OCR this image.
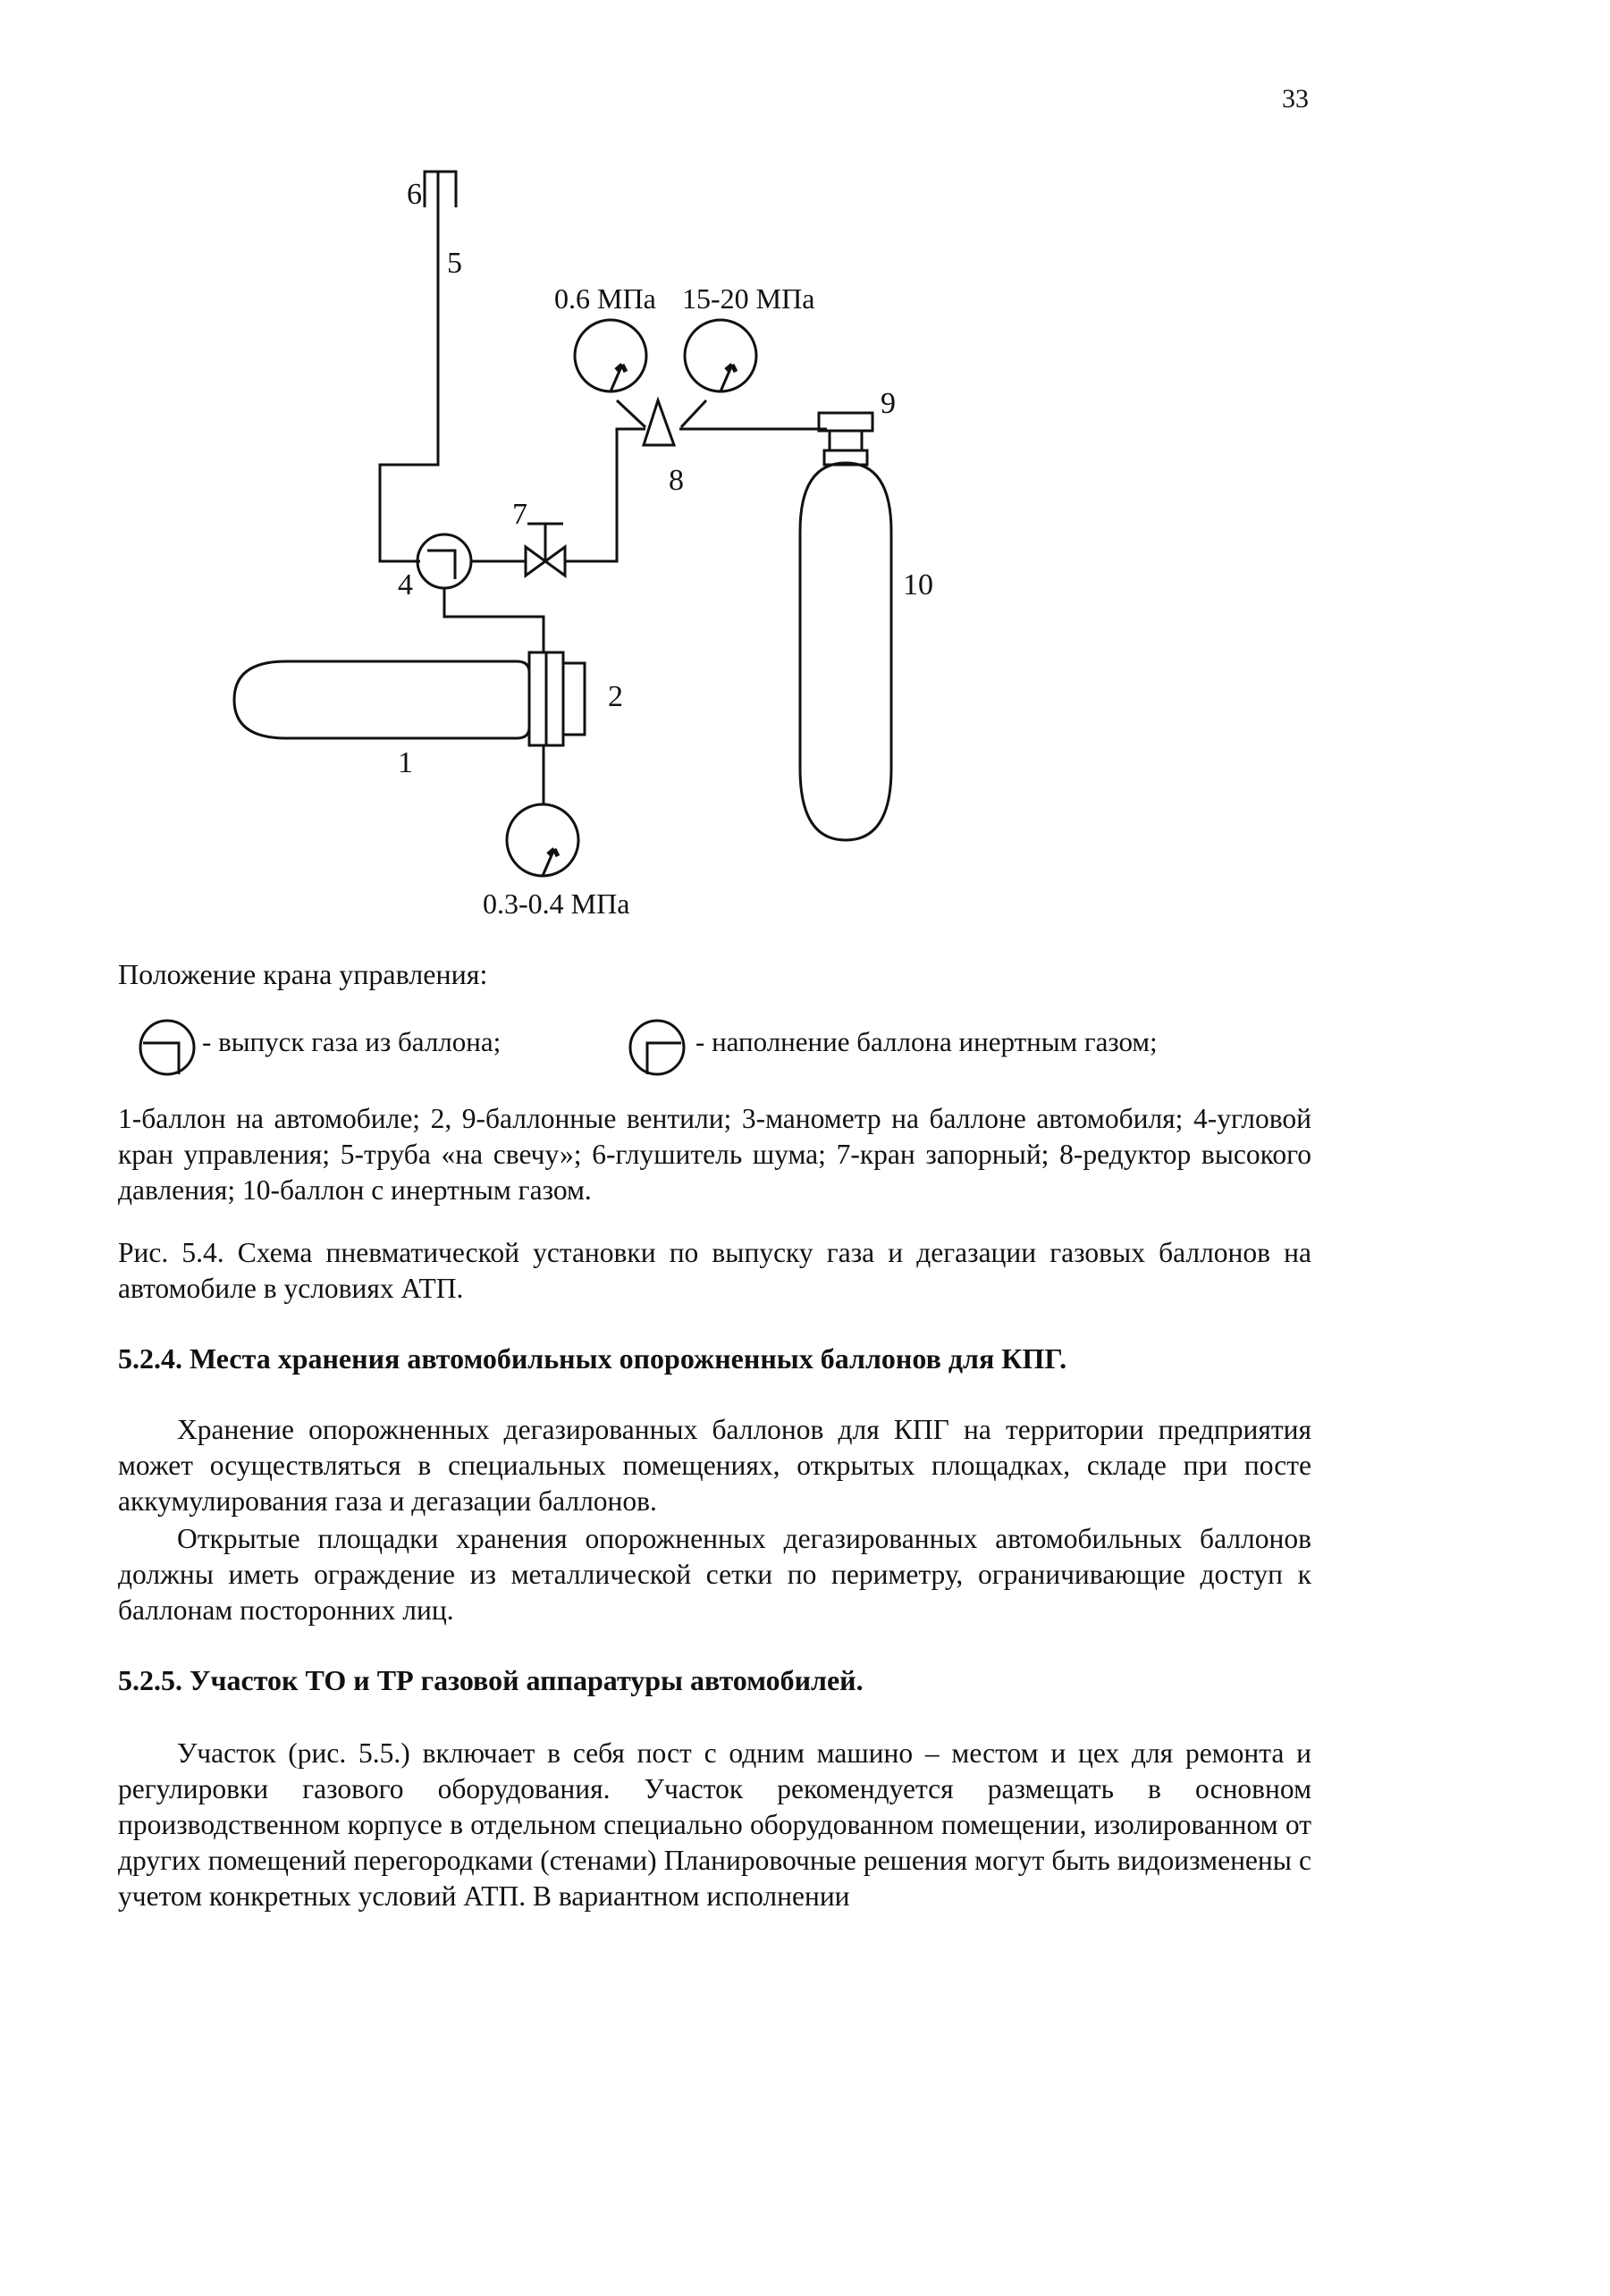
33
6
5
7
4
8
9
10
2
1
0.6 МПа 15-20 МПа
0.3-0.4 МПа
Положение крана управления:
- выпуск газа из баллона;	- наполнение баллона инертным газом;

1-баллон на автомобиле; 2, 9-баллонные вентили; 3-манометр на баллоне автомобиля; 4-угловой кран управления; 5-труба «на свечу»; 6-глушитель шума; 7-кран запорный; 8-редуктор высокого давления; 10-баллон с инертным газом.

Рис. 5.4. Схема пневматической установки по выпуску газа и дегазации газовых баллонов на автомобиле в условиях АТП.

5.2.4. Места хранения автомобильных опорожненных баллонов для КПГ.

Хранение опорожненных дегазированных баллонов для КПГ на территории предприятия может осуществляться в специальных помещениях, открытых площадках, складе при посте аккумулирования газа и дегазации баллонов.

Открытые площадки хранения опорожненных дегазированных автомобильных баллонов должны иметь ограждение из металлической сетки по периметру, ограничивающие доступ к баллонам посторонних лиц.

5.2.5. Участок ТО и ТР газовой аппаратуры автомобилей.

Участок (рис. 5.5.) включает в себя пост с одним машино – местом и цех для ремонта и регулировки газового оборудования. Участок рекомендуется размещать в основном производственном корпусе в отдельном специально оборудованном помещении, изолированном от других помещений перегородками (стенами) Планировочные решения могут быть видоизменены с учетом конкретных условий АТП. В вариантном исполнении
